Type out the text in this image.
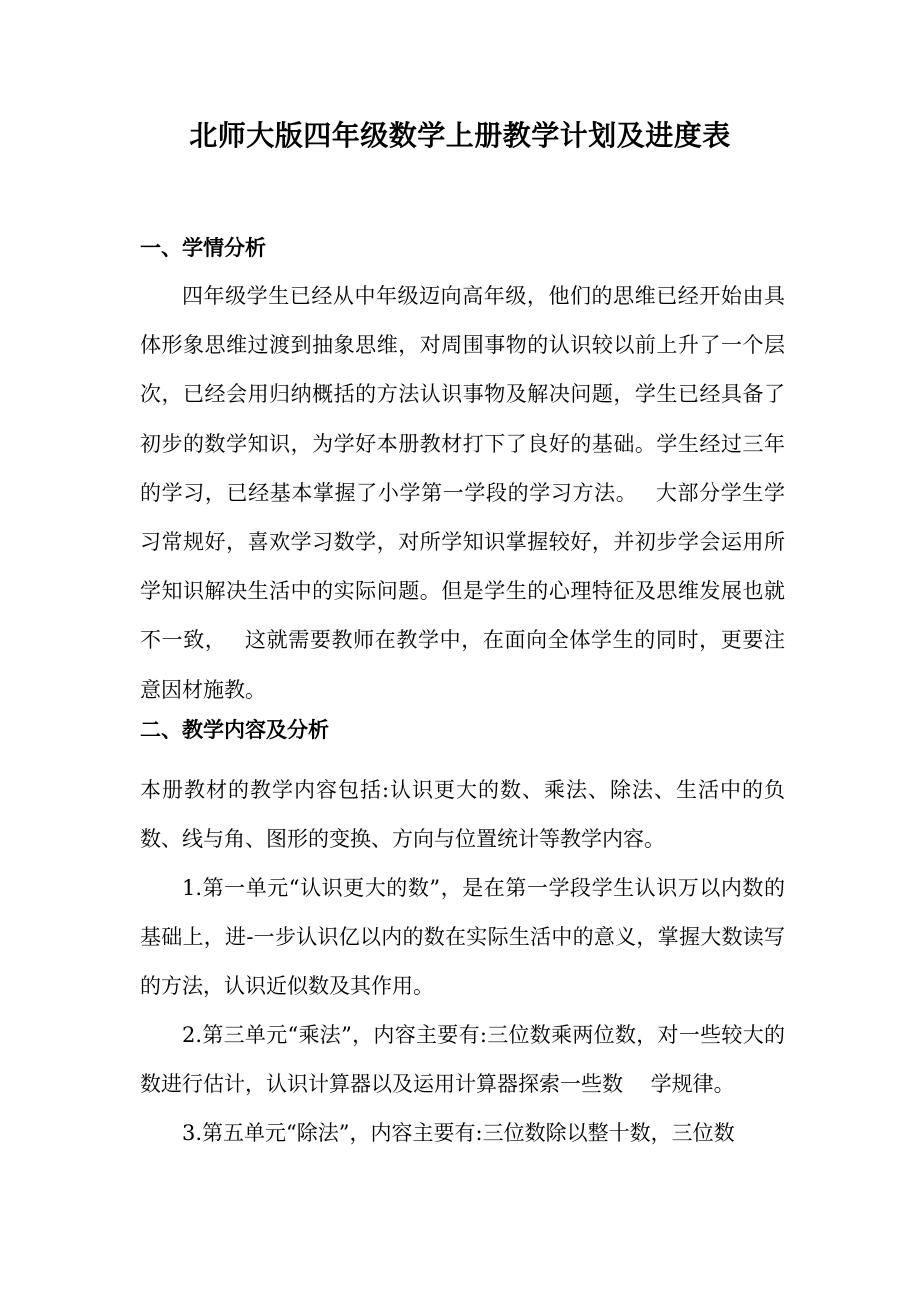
北师大版四年级数学上册教学计划及进度表
一、学情分析
四年级学生已经从中年级迈向高年级，他们的思维已经开始由具体形象思维过渡到抽象思维，对周围事物的认识较以前上升了一个层次，已经会用归纳概括的方法认识事物及解决问题，学生已经具备了初步的数学知识，为学好本册教材打下了良好的基础。学生经过三年的学习，已经基本掌握了小学第一学段的学习方法。　 大部分学生学习常规好，喜欢学习数学，对所学知识掌握较好，并初步学会运用所学知识解决生活中的实际问题。但是学生的心理特征及思维发展也就不一致，　 这就需要教师在教学中，在面向全体学生的同时，更要注意因材施教。
二、教学内容及分析
本册教材的教学内容包括:认识更大的数、乘法、除法、生活中的负数、线与角、图形的变换、方向与位置统计等教学内容。
1.第一单元“认识更大的数”，是在第一学段学生认识万以内数的基础上，进-一步认识亿以内的数在实际生活中的意义，掌握大数读写的方法，认识近似数及其作用。
2.第三单元“乘法”，内容主要有:三位数乘两位数，对一些较大的数进行估计，认识计算器以及运用计算器探索一些数　 学规律。
3.第五单元“除法”，内容主要有:三位数除以整十数，三位数
